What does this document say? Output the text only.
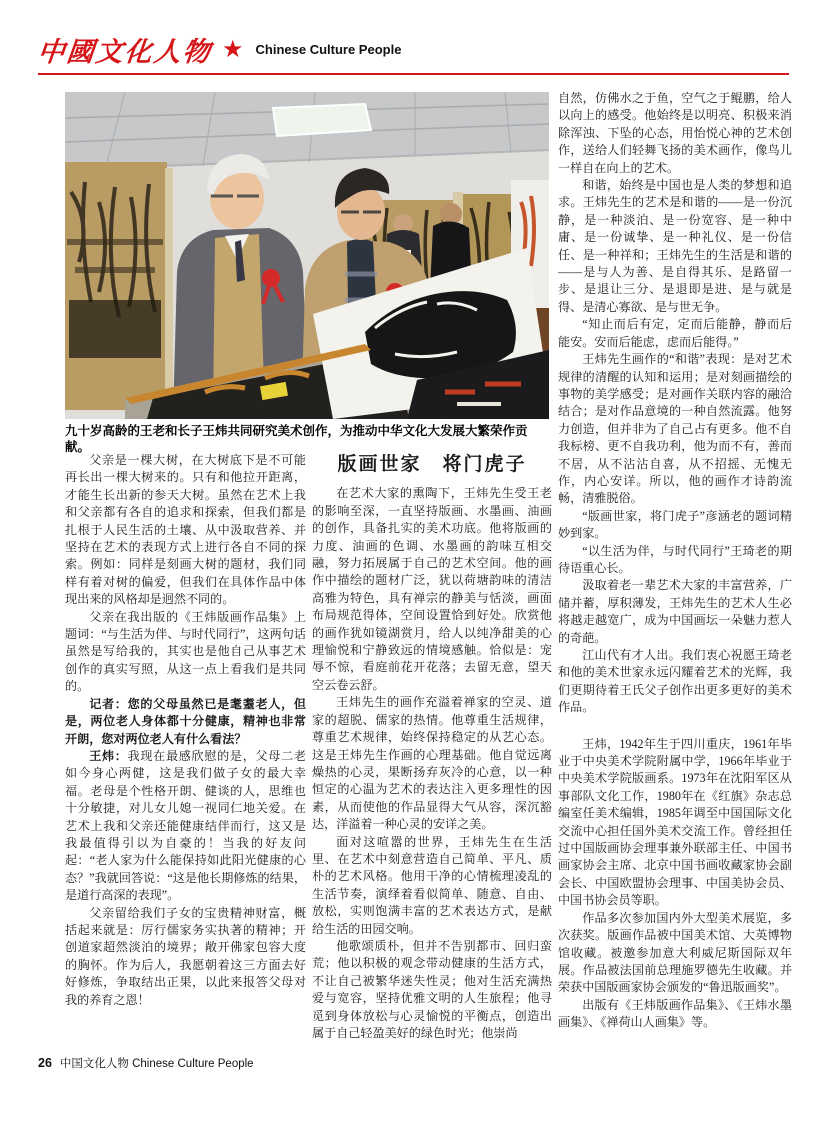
中國文化人物 ★ Chinese Culture People

九十岁高龄的王老和长子王炜共同研究美术创作，为推动中华文化大发展大繁荣作贡献。

父亲是一棵大树，在大树底下是不可能再长出一棵大树来的。只有和他拉开距离，才能生长出新的参天大树。虽然在艺术上我和父亲都有各自的追求和探索，但我们都是扎根于人民生活的土壤、从中汲取营养、并坚持在艺术的表现方式上进行各自不同的探索。例如：同样是刻画大树的题材，我们同样有着对树的偏爱，但我们在具体作品中体现出来的风格却是迥然不同的。

父亲在我出版的《王炜版画作品集》上题词：“与生活为伴、与时代同行”，这两句话虽然是写给我的，其实也是他自己从事艺术创作的真实写照，从这一点上看我们是共同的。

记者：您的父母虽然已是耄耋老人，但是，两位老人身体都十分健康，精神也非常开朗，您对两位老人有什么看法？

王炜：我现在最感欣慰的是，父母二老如今身心两健，这是我们做子女的最大幸福。老母是个性格开朗、健谈的人，思维也十分敏捷，对儿女儿媳一视同仁地关爱。在艺术上我和父亲还能健康结伴而行，这又是我最值得引以为自豪的！当我的好友问起：“老人家为什么能保持如此阳光健康的心态？”我就回答说：“这是他长期修炼的结果，是道行高深的表现”。

父亲留给我们子女的宝贵精神财富，概括起来就是：厉行儒家务实执著的精神；开创道家超然淡泊的境界；敞开佛家包容大度的胸怀。作为后人，我愿朝着这三方面去好好修炼，争取结出正果，以此来报答父母对我的养育之恩！

版画世家　将门虎子

在艺术大家的熏陶下，王炜先生受王老的影响至深，一直坚持版画、水墨画、油画的创作，具备扎实的美术功底。他将版画的力度、油画的色调、水墨画的韵味互相交融，努力拓展属于自己的艺术空间。他的画作中描绘的题材广泛，犹以荷塘韵味的清洁高雅为特色，具有禅宗的静美与恬淡，画面布局规范得体，空间设置恰到好处。欣赏他的画作犹如镜湖赏月，给人以纯净甜美的心理愉悦和宁静致远的情境感触。恰似是：宠辱不惊，看庭前花开花落；去留无意，望天空云卷云舒。

王炜先生的画作充溢着禅家的空灵、道家的超脱、儒家的热情。他尊重生活规律，尊重艺术规律，始终保持稳定的从艺心态。这是王炜先生作画的心理基础。他自觉远离燥热的心灵，果断扬弃灰冷的心意，以一种恒定的心温为艺术的表达注入更多理性的因素，从而使他的作品显得大气从容，深沉豁达，洋溢着一种心灵的安详之美。

面对这喧嚣的世界，王炜先生在生活里、在艺术中刻意营造自己简单、平凡、质朴的艺术风格。他用干净的心情梳理凌乱的生活节奏，演绎着看似简单、随意、自由、放松，实则饱满丰富的艺术表达方式，是献给生活的田园交响。

他歌颂质朴，但并不告别都市、回归蛮荒；他以积极的观念带动健康的生活方式，不让自己被繁华迷失性灵；他对生活充满热爱与宽容，坚持优雅文明的人生旅程；他寻觅到身体放松与心灵愉悦的平衡点，创造出属于自己轻盈美好的绿色时光；他崇尚

自然，仿佛水之于鱼，空气之于鲲鹏，给人以向上的感受。他始终是以明亮、积极来消除浑浊、下坠的心态，用怡悦心神的艺术创作，送给人们轻舞飞扬的美术画作，像鸟儿一样自在向上的艺术。

和谐，始终是中国也是人类的梦想和追求。王炜先生的艺术是和谐的——是一份沉静，是一种淡泊、是一份宽容、是一种中庸、是一份诚挚、是一种礼仪、是一份信任、是一种祥和；王炜先生的生活是和谐的——是与人为善、是自得其乐、是路留一步、是退让三分、是退即是进、是与就是得、是清心寡欲、是与世无争。

“知止而后有定，定而后能静，静而后能安。安而后能虑，虑而后能得。”

王炜先生画作的“和谐”表现：是对艺术规律的清醒的认知和运用；是对刻画描绘的事物的美学感受；是对画作关联内容的融洽结合；是对作品意境的一种自然流露。他努力创造，但并非为了自己占有更多。他不自我标榜、更不自我功利，他为而不有，善而不居，从不沾沾自喜，从不招摇、无愧无作，内心安详。所以，他的画作才诗韵流畅，清雅脱俗。

“版画世家，将门虎子”彦涵老的题词精妙到家。

“以生活为伴，与时代同行”王琦老的期待语重心长。

汲取着老一辈艺术大家的丰富营养，广储并蓄，厚积薄发，王炜先生的艺术人生必将越走越宽广，成为中国画坛一朵魅力惹人的奇葩。

江山代有才人出。我们衷心祝愿王琦老和他的美术世家永远闪耀着艺术的光辉，我们更期待着王氏父子创作出更多更好的美术作品。

王炜，1942年生于四川重庆，1961年毕业于中央美术学院附属中学，1966年毕业于中央美术学院版画系。1973年在沈阳军区从事部队文化工作，1980年在《红旗》杂志总编室任美术编辑，1985年调至中国国际文化交流中心担任国外美术交流工作。曾经担任过中国版画协会理事兼外联部主任、中国书画家协会主席、北京中国书画收藏家协会副会长、中国欧盟协会理事、中国美协会员、中国书协会员等职。

作品多次参加国内外大型美术展览，多次获奖。版画作品被中国美术馆、大英博物馆收藏。被邀参加意大利威尼斯国际双年展。作品被法国前总理施罗德先生收藏。并荣获中国版画家协会颁发的“鲁迅版画奖”。

出版有《王炜版画作品集》、《王炜水墨画集》、《禅荷山人画集》等。

26 中国文化人物 Chinese Culture People
